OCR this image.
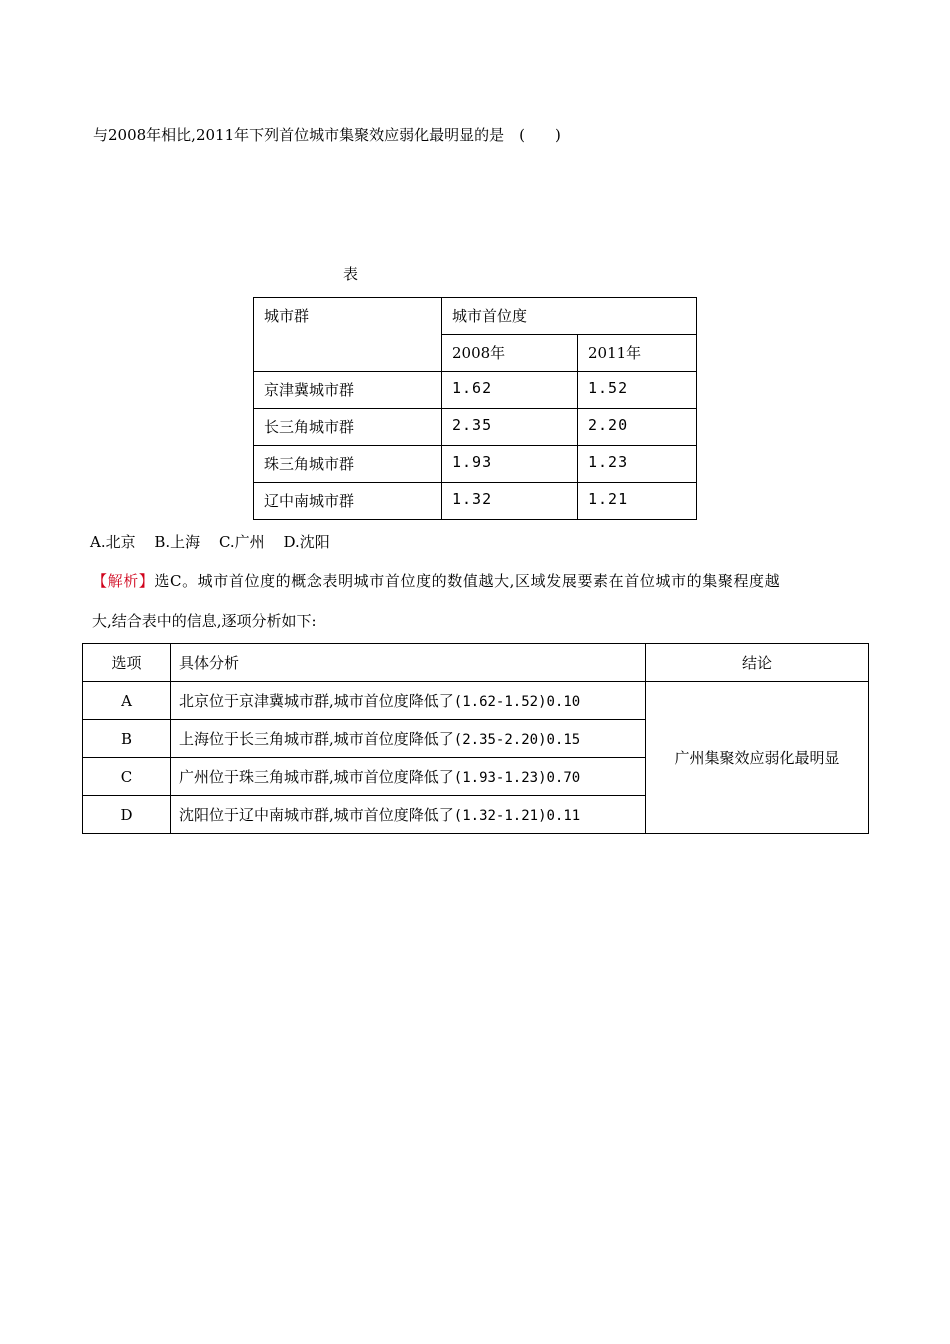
与2008年相比,2011年下列首位城市集聚效应弱化最明显的是　(　　)
表
城市群	城市首位度	
	2008年	2011年
京津冀城市群	1.62	1.52
长三角城市群	2.35	2.20
珠三角城市群	1.93	1.23
辽中南城市群	1.32	1.21
A.北京 B.上海 C.广州 D.沈阳
【解析】选C。城市首位度的概念表明城市首位度的数值越大,区域发展要素在首位城市的集聚程度越
大,结合表中的信息,逐项分析如下:
选项	具体分析	结论
A	北京位于京津冀城市群,城市首位度降低了(1.62-1.52)0.10	广州集聚效应弱化最明显
B	上海位于长三角城市群,城市首位度降低了(2.35-2.20)0.15	
C	广州位于珠三角城市群,城市首位度降低了(1.93-1.23)0.70	
D	沈阳位于辽中南城市群,城市首位度降低了(1.32-1.21)0.11	
